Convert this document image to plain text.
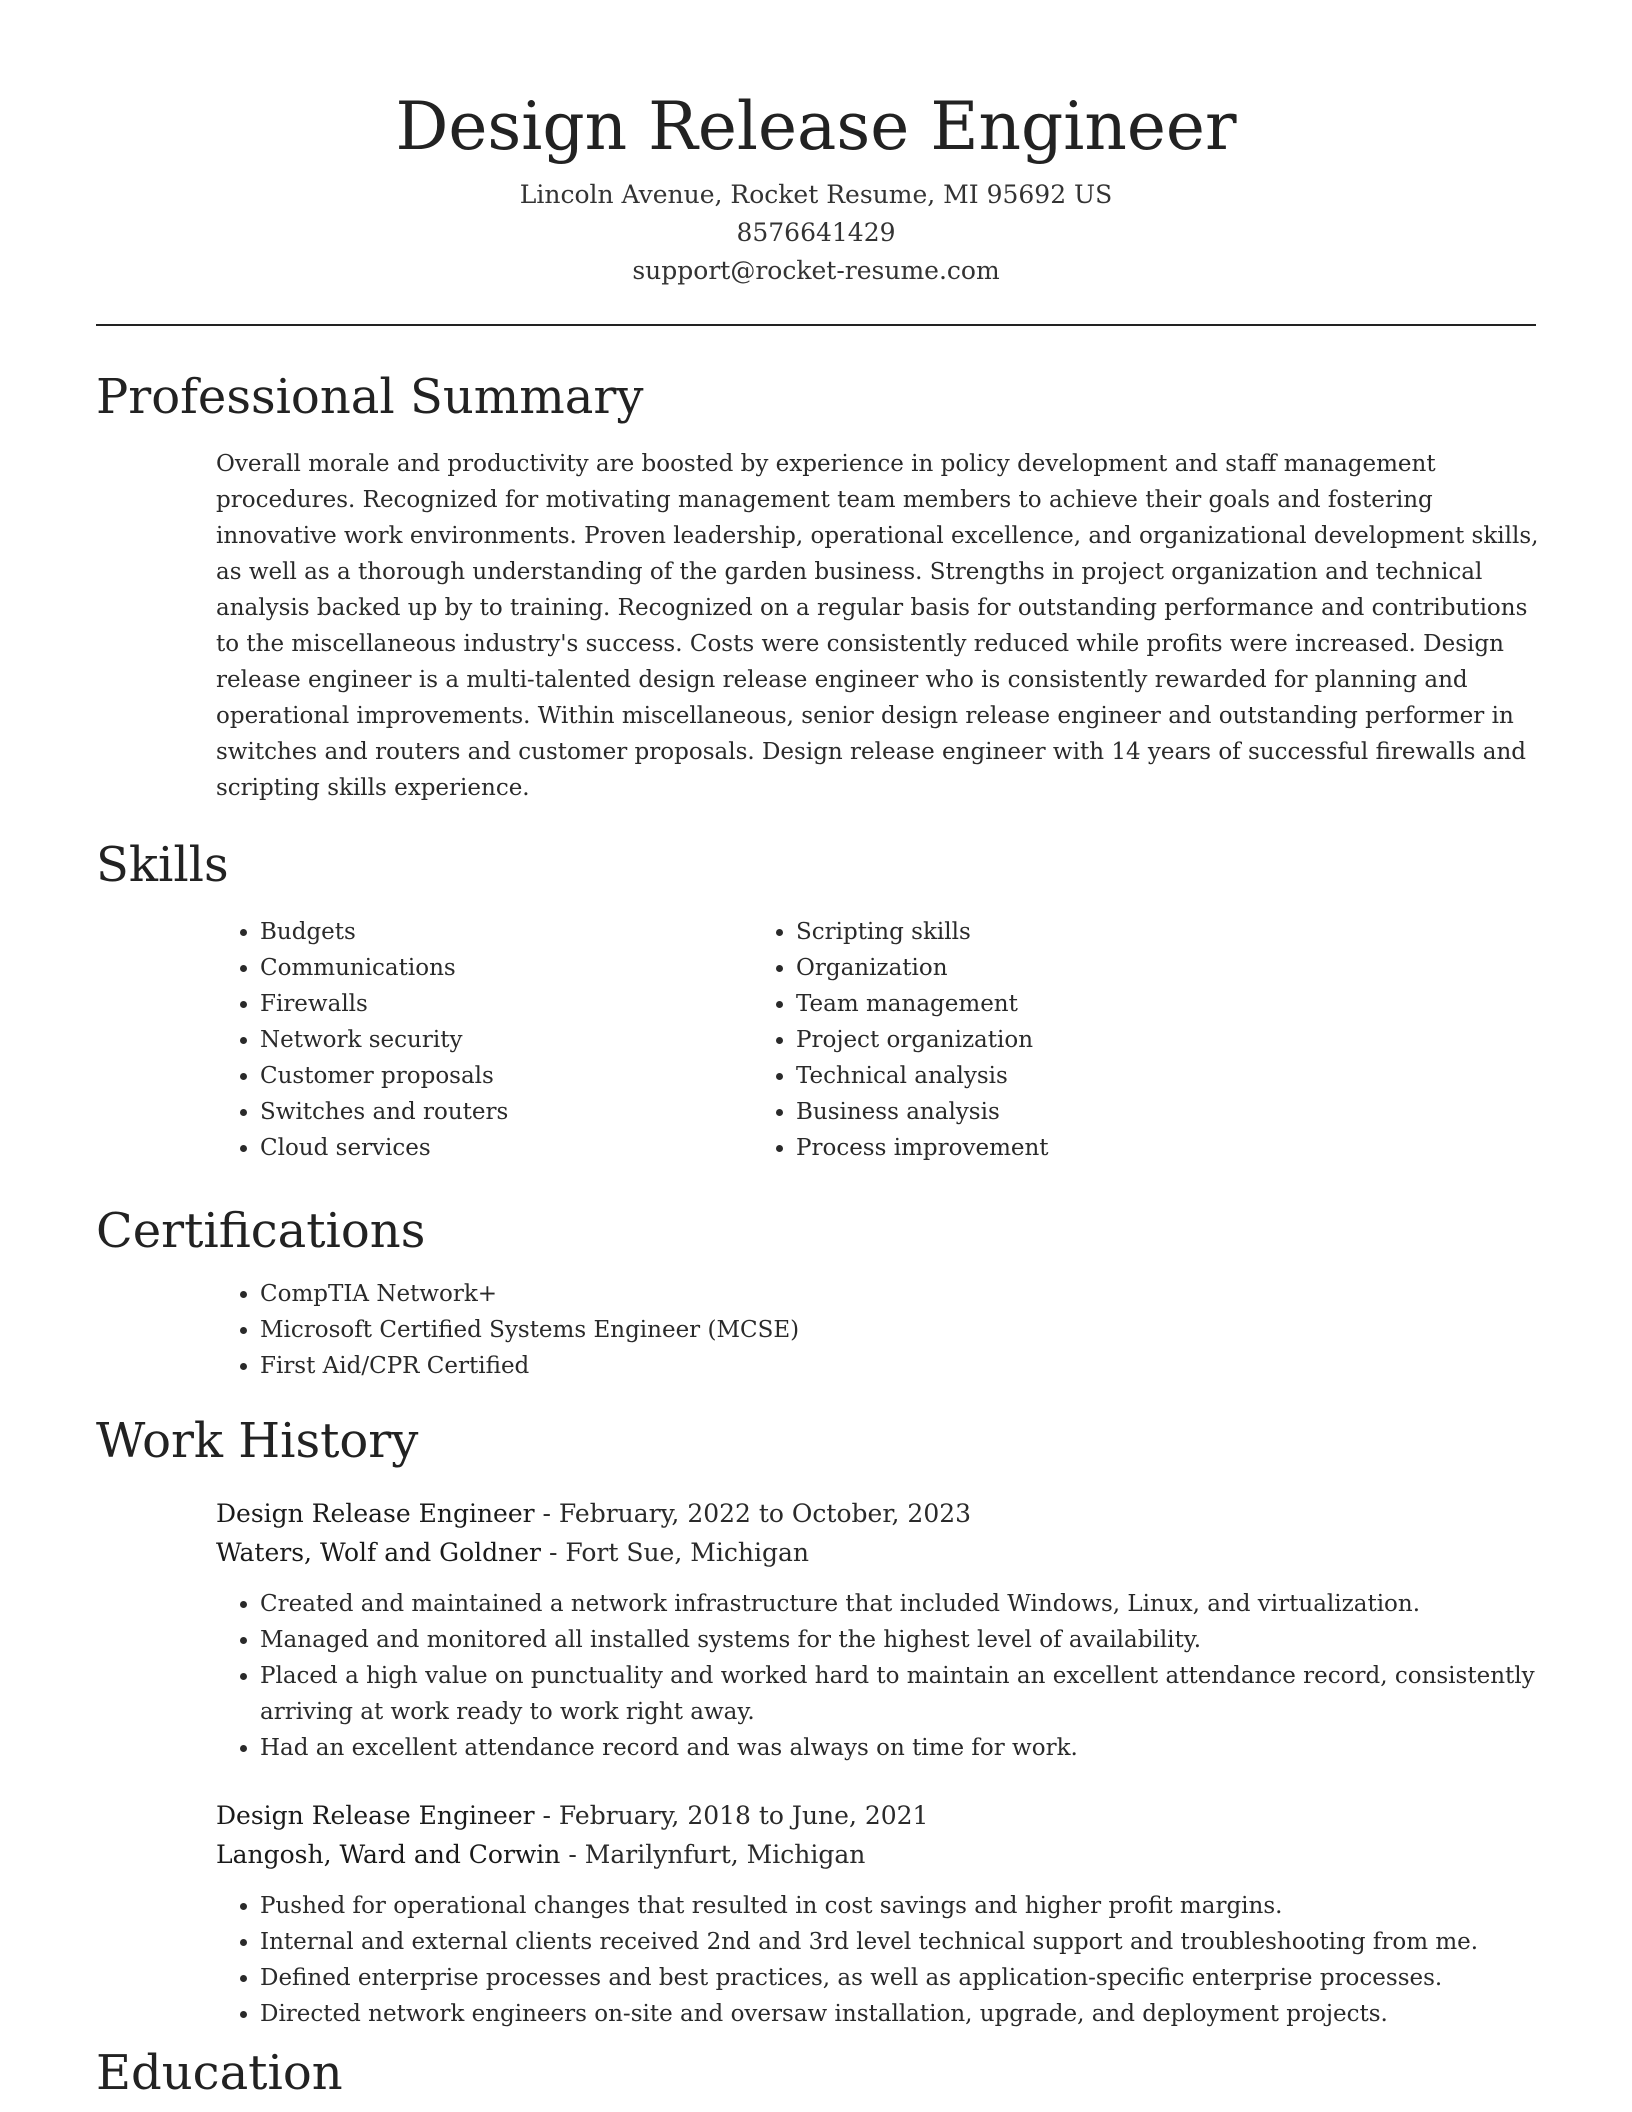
Design Release Engineer
Lincoln Avenue, Rocket Resume, MI 95692 US
8576641429
support@rocket-resume.com
Professional Summary

Overall morale and productivity are boosted by experience in policy development and staff management procedures. Recognized for motivating management team members to achieve their goals and fostering innovative work environments. Proven leadership, operational excellence, and organizational development skills, as well as a thorough understanding of the garden business. Strengths in project organization and technical analysis backed up by to training. Recognized on a regular basis for outstanding performance and contributions to the miscellaneous industry's success. Costs were consistently reduced while profits were increased. Design release engineer is a multi-talented design release engineer who is consistently rewarded for planning and operational improvements. Within miscellaneous, senior design release engineer and outstanding performer in switches and routers and customer proposals. Design release engineer with 14 years of successful firewalls and scripting skills experience.

Skills
• Budgets
• Communications
• Firewalls
• Network security
• Customer proposals
• Switches and routers
• Cloud services
• Scripting skills
• Organization
• Team management
• Project organization
• Technical analysis
• Business analysis
• Process improvement
Certifications
• CompTIA Network+
• Microsoft Certified Systems Engineer (MCSE)
• First Aid/CPR Certified
Work History
Design Release Engineer - February, 2022 to October, 2023
Waters, Wolf and Goldner - Fort Sue, Michigan
• Created and maintained a network infrastructure that included Windows, Linux, and virtualization.
• Managed and monitored all installed systems for the highest level of availability.
• Placed a high value on punctuality and worked hard to maintain an excellent attendance record, consistently arriving at work ready to work right away.
• Had an excellent attendance record and was always on time for work.
Design Release Engineer - February, 2018 to June, 2021
Langosh, Ward and Corwin - Marilynfurt, Michigan
• Pushed for operational changes that resulted in cost savings and higher profit margins.
• Internal and external clients received 2nd and 3rd level technical support and troubleshooting from me.
• Defined enterprise processes and best practices, as well as application-specific enterprise processes.
• Directed network engineers on-site and oversaw installation, upgrade, and deployment projects.
Education
